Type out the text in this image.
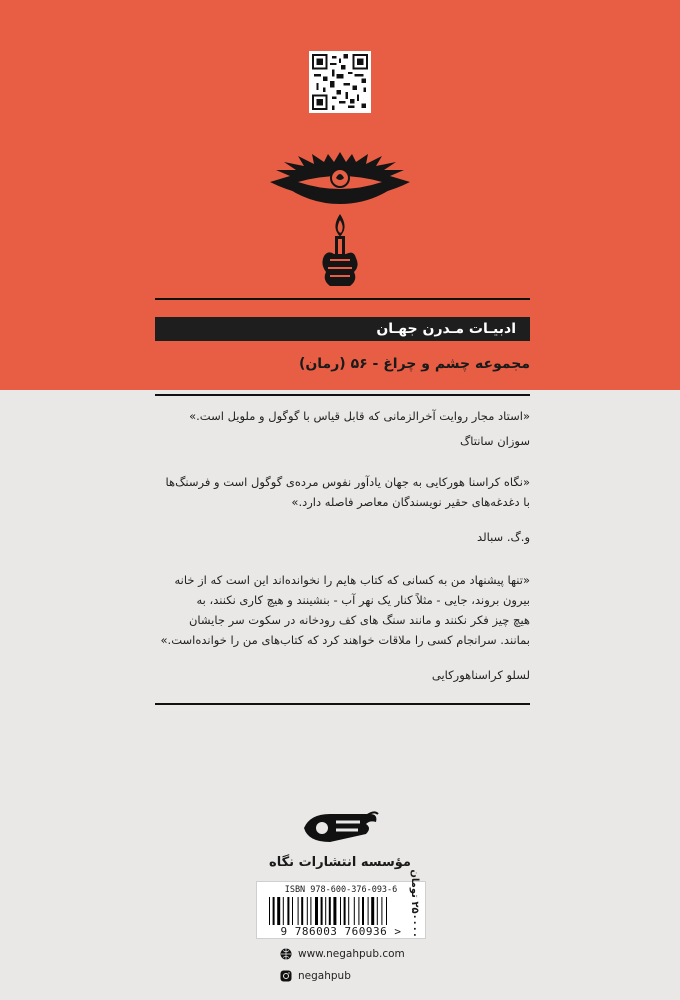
ادبیـات مـدرن جهـان
مجموعه چشم و چراغ - ۵۶ (رمان)
«استاد مجار روایت آخرالزمانی که قابل قیاس با گوگول و ملویل است.»
سوزان سانتاگ
«نگاه کراسنا هورکایی به جهان یادآور نفوس مرده‌ی گوگول است و فرسنگ‌ها
با دغدغه‌های حقیر نویسندگان معاصر فاصله دارد.»
و.گ. سبالد
«تنها پیشنهاد من به کسانی که کتاب هایم را نخوانده‌اند این است که از خانه
بیرون بروند، جایی - مثلاً کنار یک نهر آب - بنشینند و هیچ کاری نکنند، به
هیچ چیز فکر نکنند و مانند سنگ های کف رودخانه در سکوت سر جایشان
بمانند. سرانجام کسی را ملاقات خواهند کرد که کتاب‌های من را خوانده‌است.»
لسلو کراسناهورکایی
مؤسسه انتشارات نگاه
ISBN 978-600-376-093-6
9 786003 760936 >
۲۵۰۰۰۰ تومان
www.negahpub.com
negahpub
